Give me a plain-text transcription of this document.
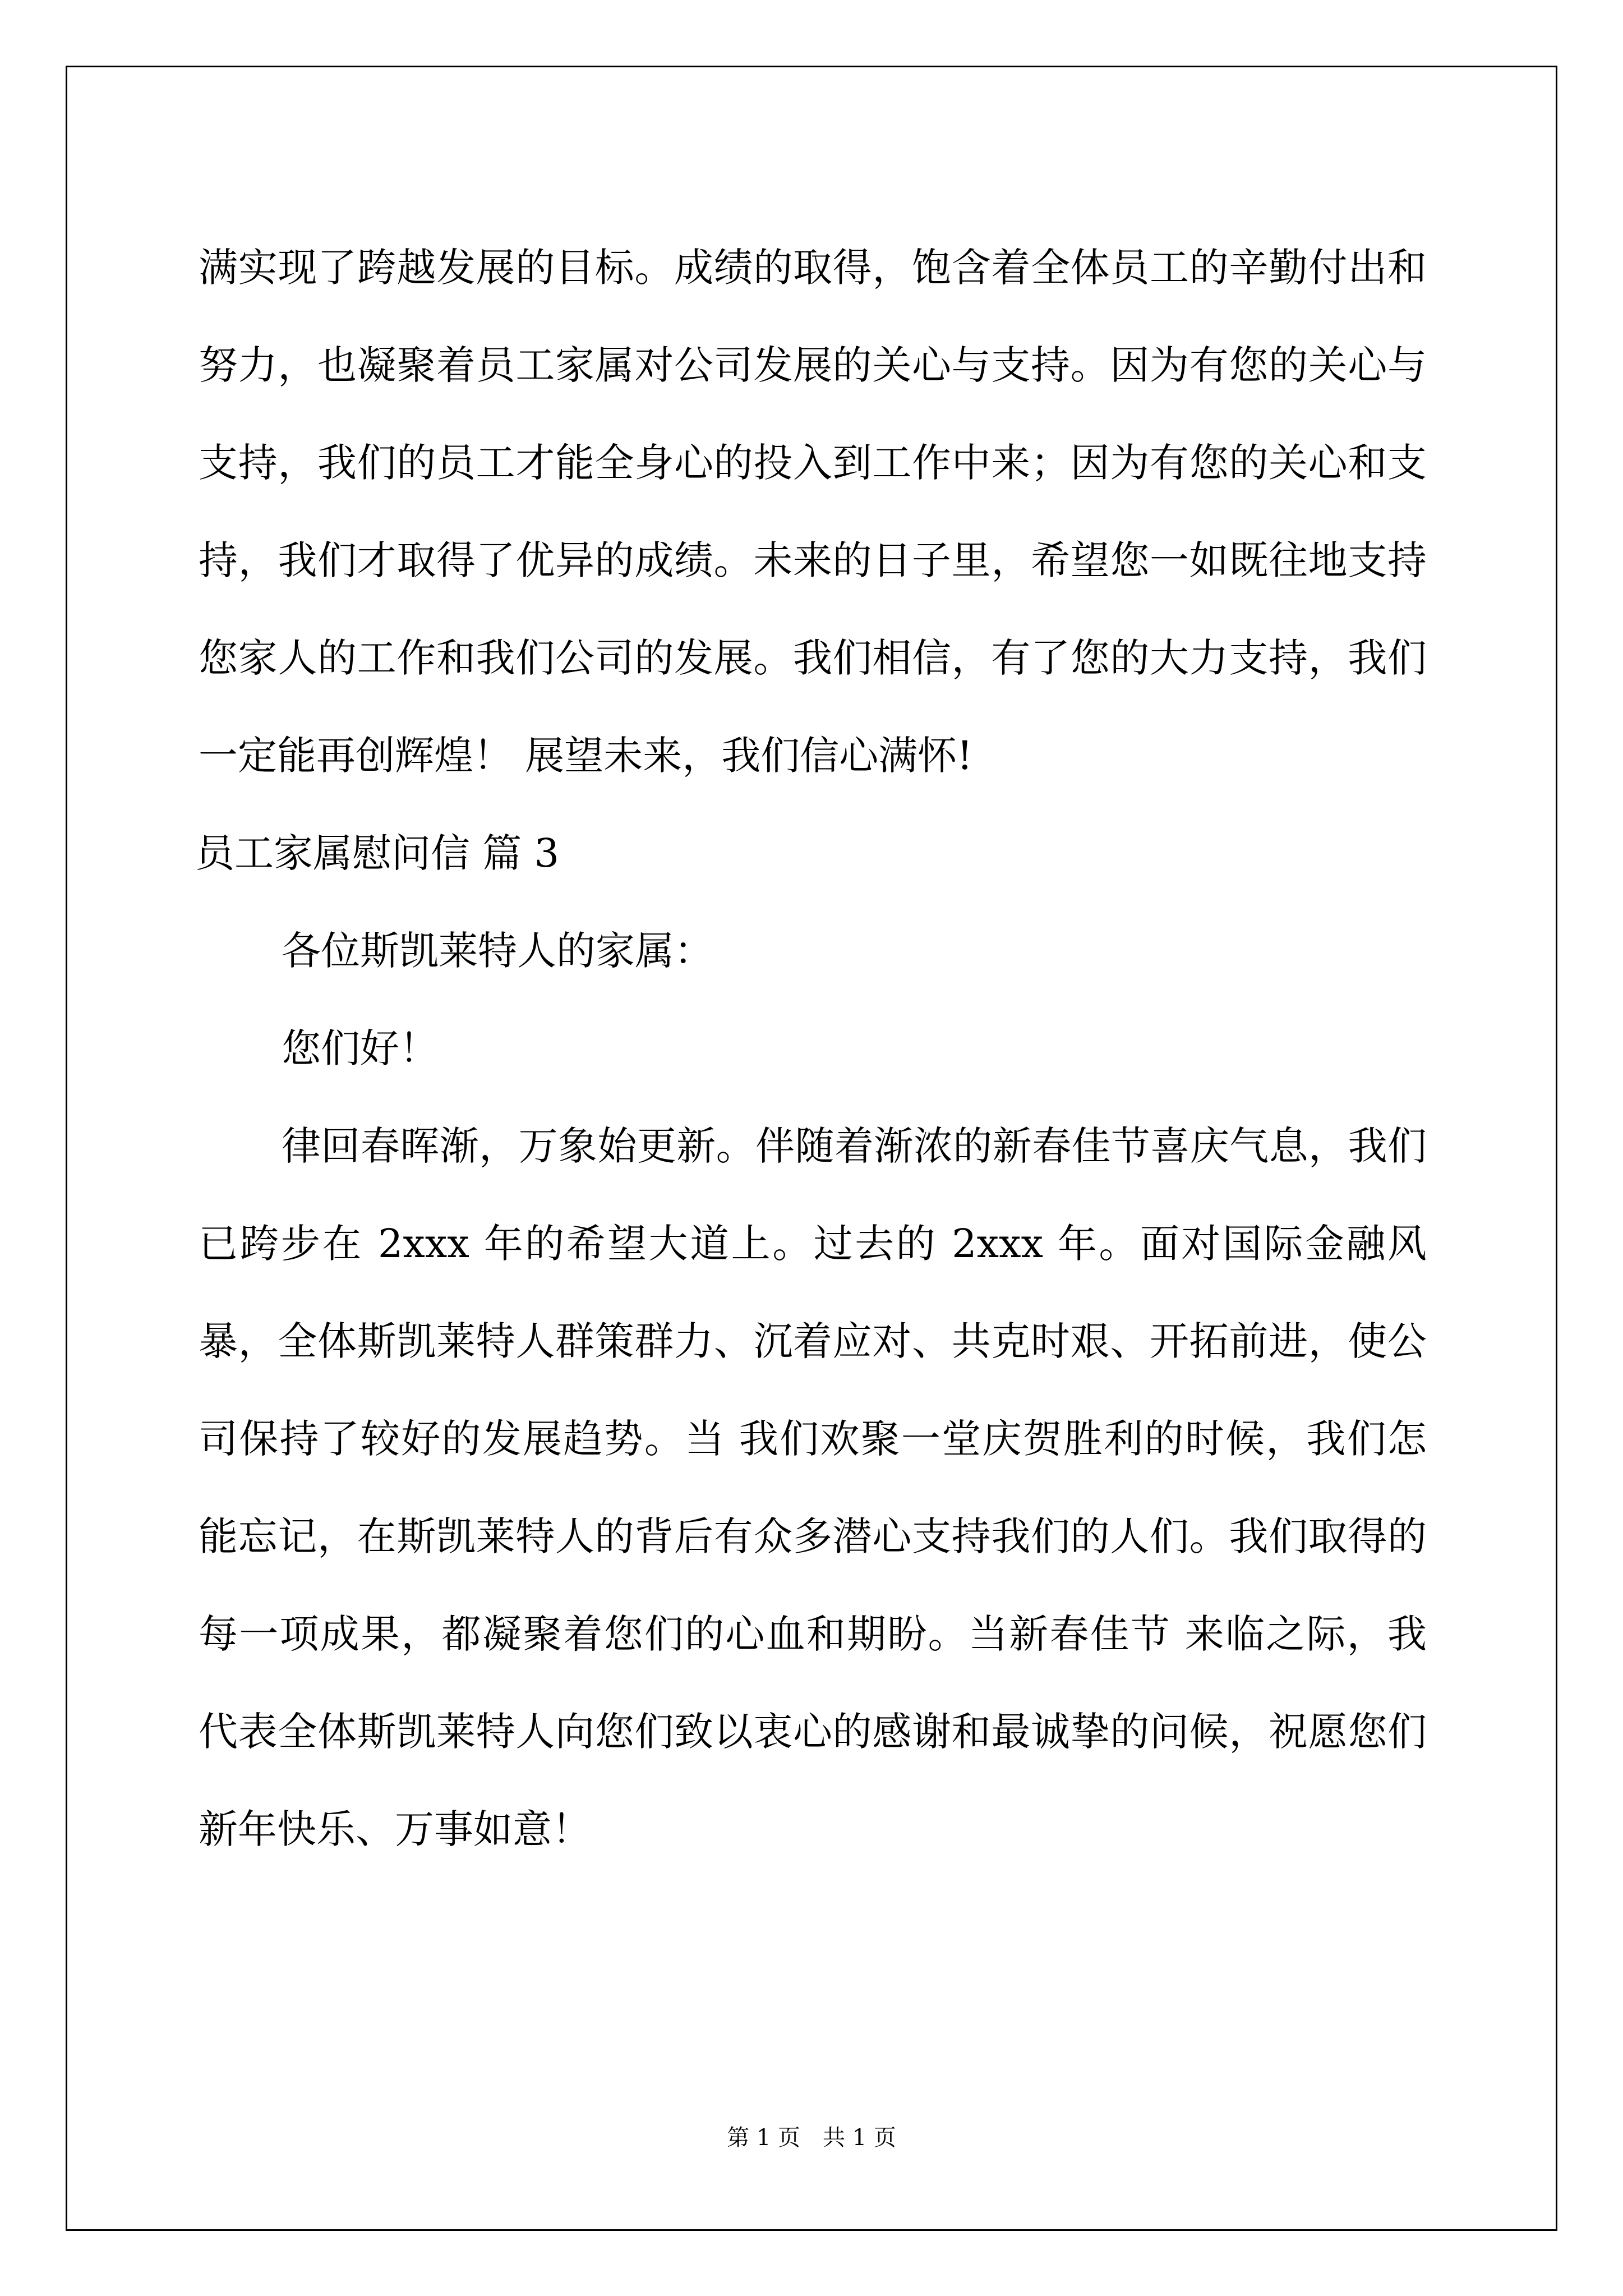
满实现了跨越发展的目标。成绩的取得，饱含着全体员工的辛勤付出和努力，也凝聚着员工家属对公司发展的关心与支持。因为有您的关心与支持，我们的员工才能全身心的投入到工作中来；因为有您的关心和支持，我们才取得了优异的成绩。未来的日子里，希望您一如既往地支持您家人的工作和我们公司的发展。我们相信，有了您的大力支持，我们一定能再创辉煌！ 展望未来，我们信心满怀!

员工家属慰问信 篇 3

各位斯凯莱特人的家属：

您们好！

律回春晖渐，万象始更新。伴随着渐浓的新春佳节喜庆气息，我们已跨步在 2xxx 年的希望大道上。过去的 2xxx 年。面对国际金融风暴，全体斯凯莱特人群策群力、沉着应对、共克时艰、开拓前进，使公司保持了较好的发展趋势。当 我们欢聚一堂庆贺胜利的时候，我们怎能忘记，在斯凯莱特人的背后有众多潜心支持我们的人们。我们取得的每一项成果，都凝聚着您们的心血和期盼。当新春佳节 来临之际，我代表全体斯凯莱特人向您们致以衷心的感谢和最诚挚的问候，祝愿您们新年快乐、万事如意！

第 1 页　共 1 页
